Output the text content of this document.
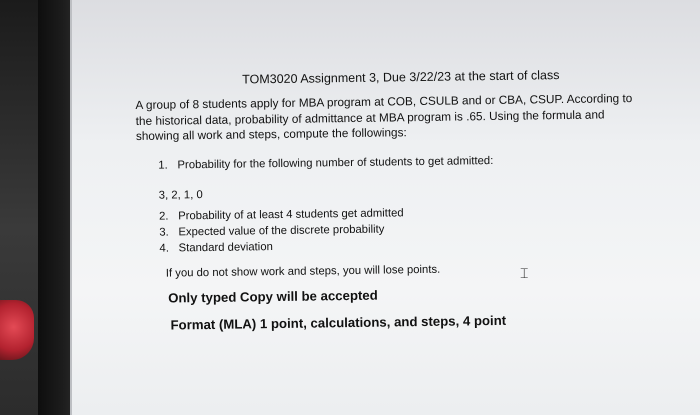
TOM3020 Assignment 3, Due 3/22/23 at the start of class
A group of 8 students apply for MBA program at COB, CSULB and or CBA, CSUP. According to the historical data, probability of admittance at MBA program is .65. Using the formula and showing all work and steps, compute the followings:
1. Probability for the following number of students to get admitted:
3, 2, 1, 0
2. Probability of at least 4 students get admitted
3. Expected value of the discrete probability
4. Standard deviation
If you do not show work and steps, you will lose points.
Only typed Copy will be accepted
Format (MLA) 1 point, calculations, and steps, 4 point
⌶
